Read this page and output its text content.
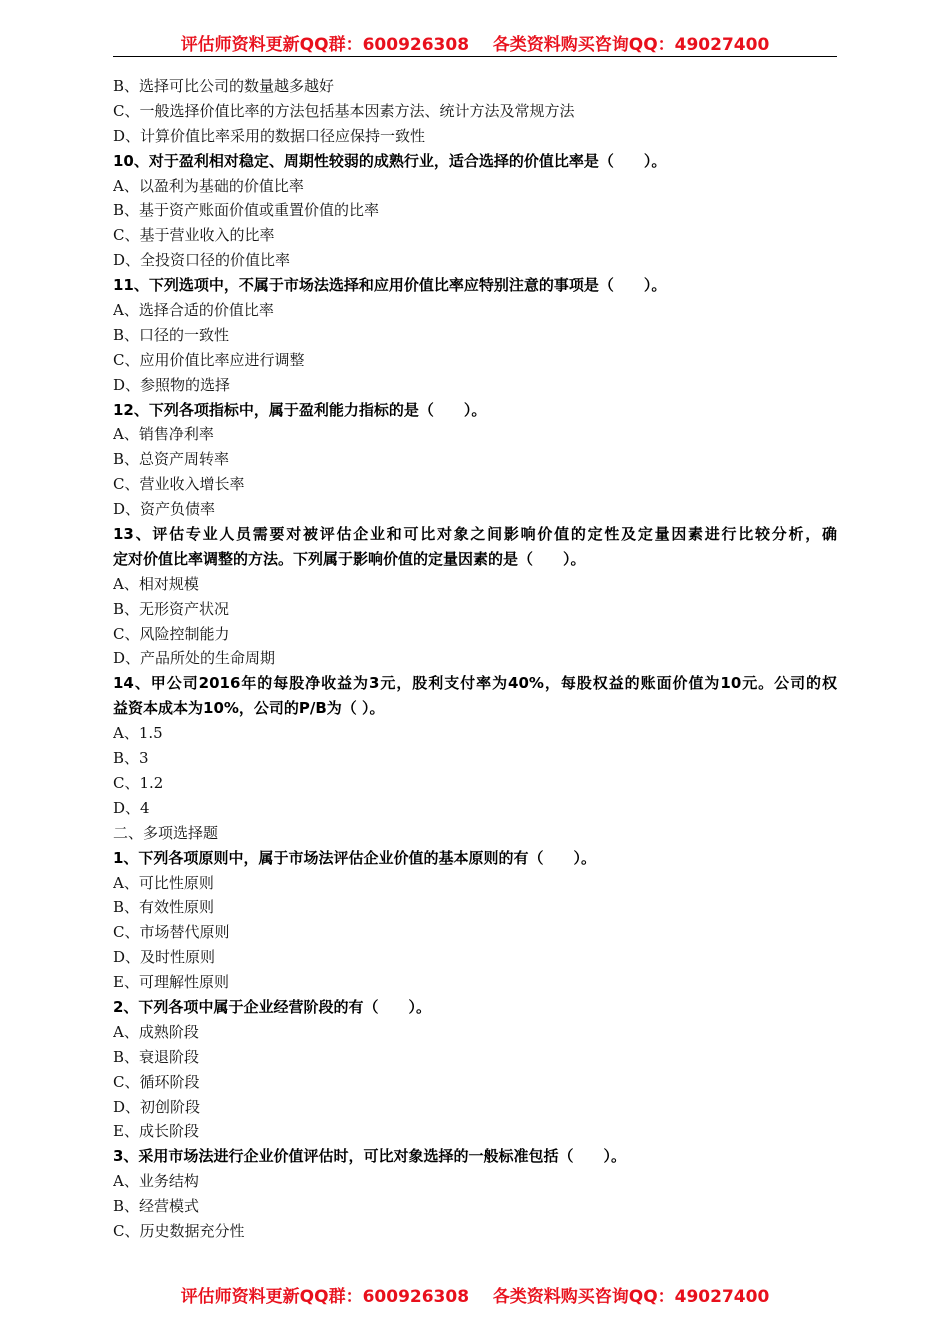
评估师资料更新QQ群：600926308 各类资料购买咨询QQ：49027400
B、选择可比公司的数量越多越好
C、一般选择价值比率的方法包括基本因素方法、统计方法及常规方法
D、计算价值比率采用的数据口径应保持一致性
10、对于盈利相对稳定、周期性较弱的成熟行业，适合选择的价值比率是（　　）。
A、以盈利为基础的价值比率
B、基于资产账面价值或重置价值的比率
C、基于营业收入的比率
D、全投资口径的价值比率
11、下列选项中，不属于市场法选择和应用价值比率应特别注意的事项是（　　）。
A、选择合适的价值比率
B、口径的一致性
C、应用价值比率应进行调整
D、参照物的选择
12、下列各项指标中，属于盈利能力指标的是（　　）。
A、销售净利率
B、总资产周转率
C、营业收入增长率
D、资产负债率
13、评估专业人员需要对被评估企业和可比对象之间影响价值的定性及定量因素进行比较分析，确
定对价值比率调整的方法。下列属于影响价值的定量因素的是（　　）。
A、相对规模
B、无形资产状况
C、风险控制能力
D、产品所处的生命周期
14、甲公司2016年的每股净收益为3元，股利支付率为40%，每股权益的账面价值为10元。公司的权
益资本成本为10%，公司的P/B为（ ）。
A、1.5
B、3
C、1.2
D、4
二、多项选择题
1、下列各项原则中，属于市场法评估企业价值的基本原则的有（　　）。
A、可比性原则
B、有效性原则
C、市场替代原则
D、及时性原则
E、可理解性原则
2、下列各项中属于企业经营阶段的有（　　）。
A、成熟阶段
B、衰退阶段
C、循环阶段
D、初创阶段
E、成长阶段
3、采用市场法进行企业价值评估时，可比对象选择的一般标准包括（　　）。
A、业务结构
B、经营模式
C、历史数据充分性
评估师资料更新QQ群：600926308 各类资料购买咨询QQ：49027400
